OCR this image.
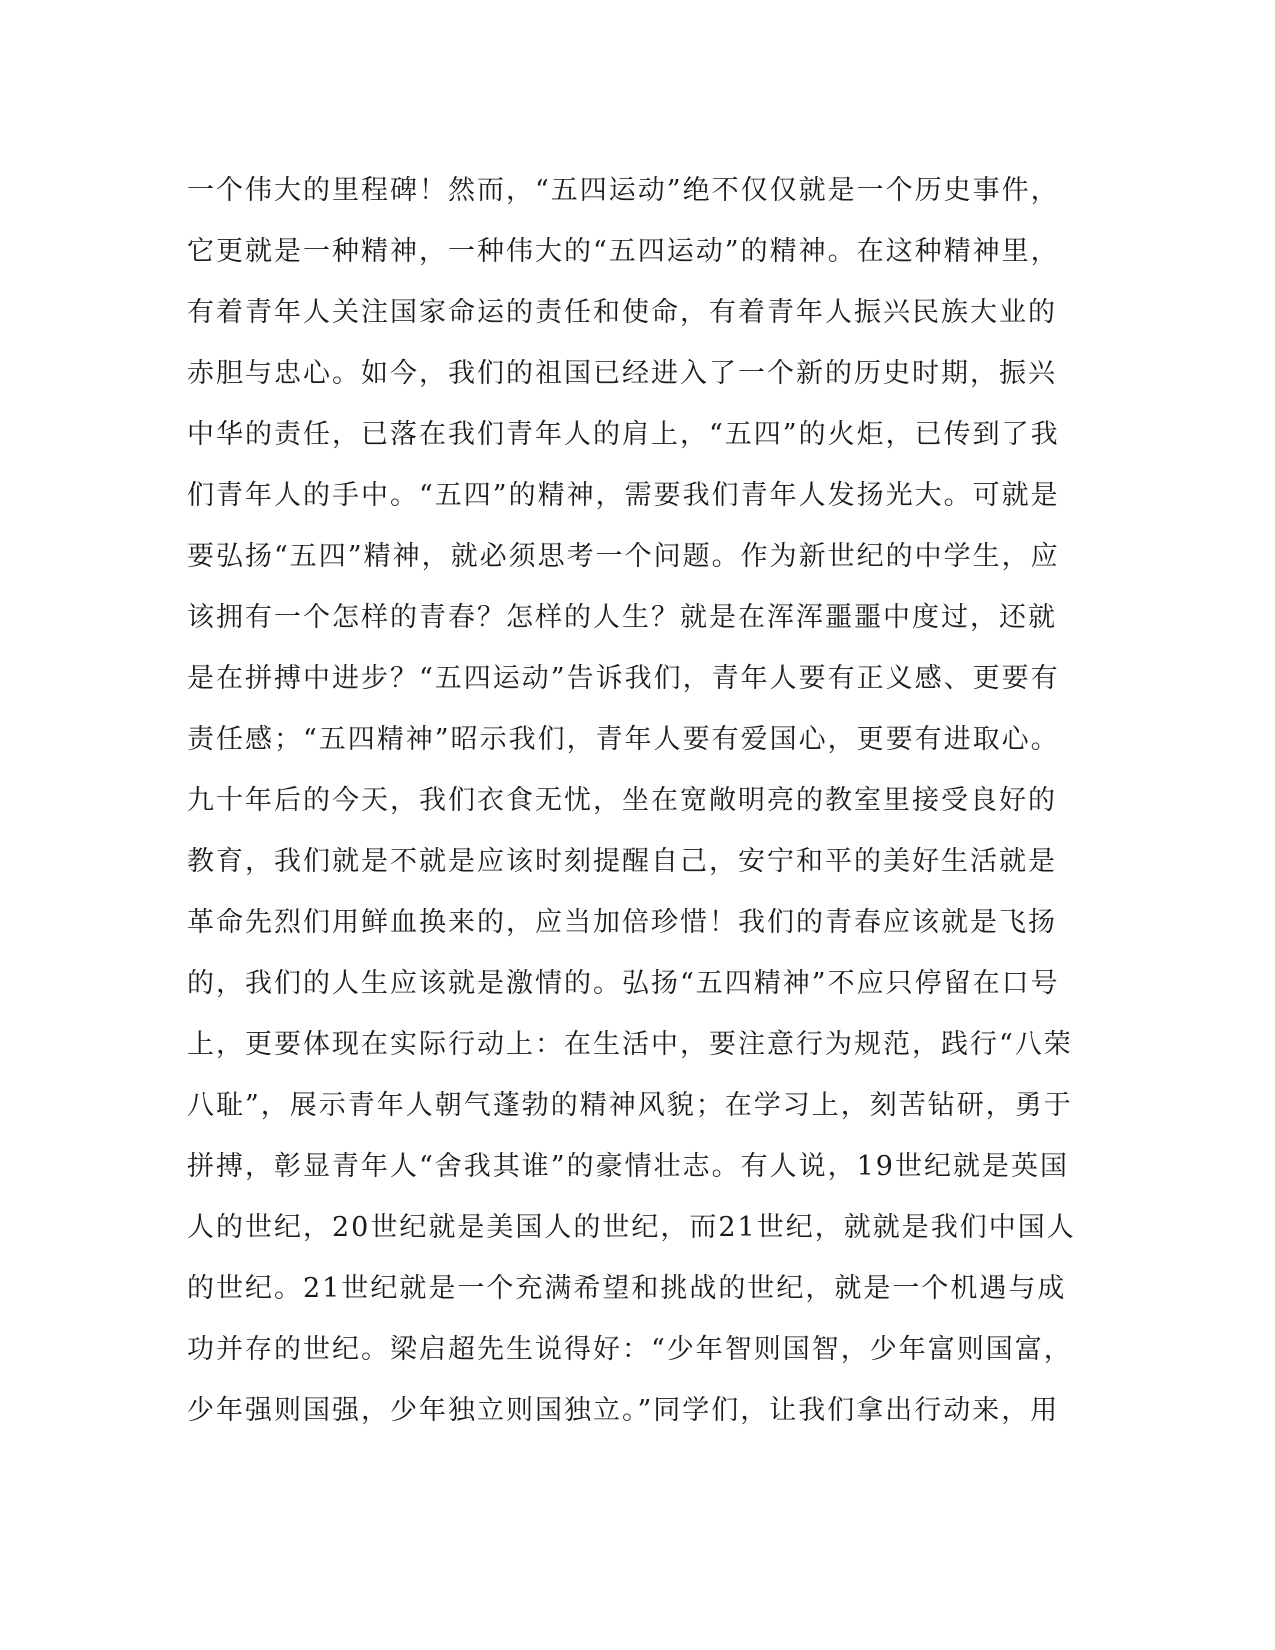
一个伟大的里程碑！然而，“五四运动”绝不仅仅就是一个历史事件，
它更就是一种精神，一种伟大的“五四运动”的精神。在这种精神里，
有着青年人关注国家命运的责任和使命，有着青年人振兴民族大业的
赤胆与忠心。如今，我们的祖国已经进入了一个新的历史时期，振兴
中华的责任，已落在我们青年人的肩上，“五四”的火炬，已传到了我
们青年人的手中。“五四”的精神，需要我们青年人发扬光大。可就是
要弘扬“五四”精神，就必须思考一个问题。作为新世纪的中学生，应
该拥有一个怎样的青春？怎样的人生？就是在浑浑噩噩中度过，还就
是在拼搏中进步？“五四运动”告诉我们，青年人要有正义感、更要有
责任感；“五四精神”昭示我们，青年人要有爱国心，更要有进取心。
九十年后的今天，我们衣食无忧，坐在宽敞明亮的教室里接受良好的
教育，我们就是不就是应该时刻提醒自己，安宁和平的美好生活就是
革命先烈们用鲜血换来的，应当加倍珍惜！我们的青春应该就是飞扬
的，我们的人生应该就是激情的。弘扬“五四精神”不应只停留在口号
上，更要体现在实际行动上：在生活中，要注意行为规范，践行“八荣
八耻”，展示青年人朝气蓬勃的精神风貌；在学习上，刻苦钻研，勇于
拼搏，彰显青年人“舍我其谁”的豪情壮志。有人说，19世纪就是英国
人的世纪，20世纪就是美国人的世纪，而21世纪，就就是我们中国人
的世纪。21世纪就是一个充满希望和挑战的世纪，就是一个机遇与成
功并存的世纪。梁启超先生说得好：“少年智则国智，少年富则国富，
少年强则国强，少年独立则国独立。”同学们，让我们拿出行动来，用
